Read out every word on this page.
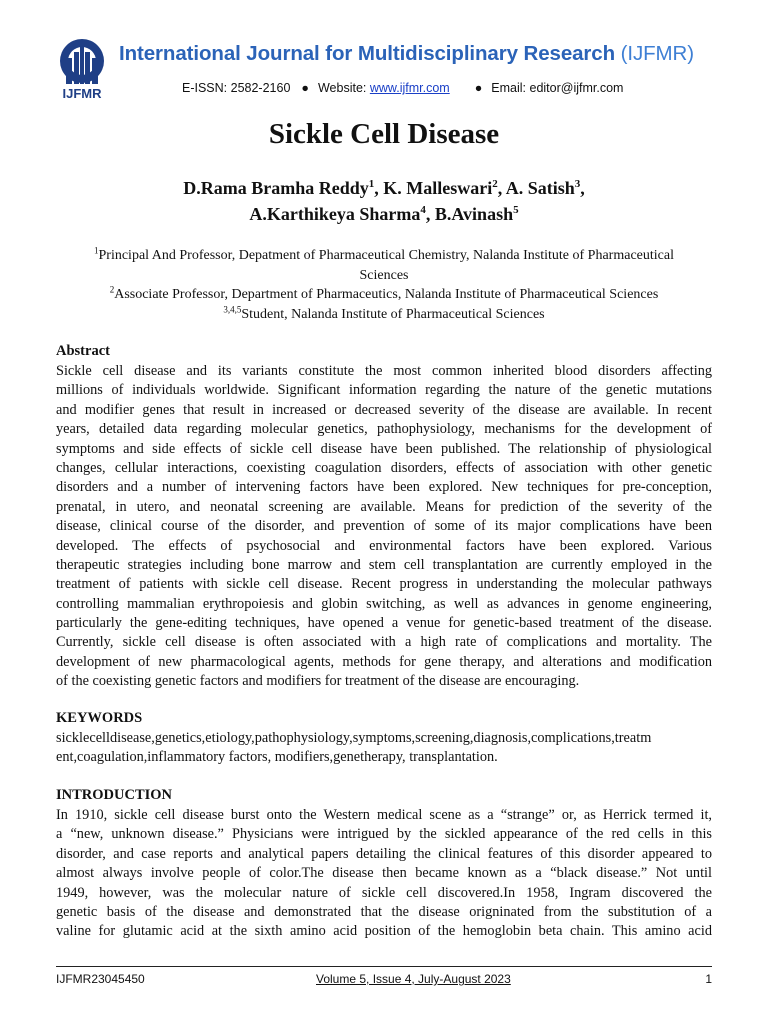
IJFMR
International Journal for Multidisciplinary Research (IJFMR)
E-ISSN: 2582-2160 ● Website: www.ijfmr.com ● Email: editor@ijfmr.com
Sickle Cell Disease
D.Rama Bramha Reddy$^1$, K. Malleswari$^2$, A. Satish$^3$,
A.Karthikeya Sharma$^4$, B.Avinash$^5$
$^1$Principal And Professor, Depatment of Pharmaceutical Chemistry, Nalanda Institute of Pharmaceutical
Sciences
$^2$Associate Professor, Department of Pharmaceutics, Nalanda Institute of Pharmaceutical Sciences
$^{3,4,5}$Student, Nalanda Institute of Pharmaceutical Sciences
Abstract
Sickle cell disease and its variants constitute the most common inherited blood disorders affecting
millions of individuals worldwide. Significant information regarding the nature of the genetic mutations
and modifier genes that result in increased or decreased severity of the disease are available. In recent
years, detailed data regarding molecular genetics, pathophysiology, mechanisms for the development of
symptoms and side effects of sickle cell disease have been published. The relationship of physiological
changes, cellular interactions, coexisting coagulation disorders, effects of association with other genetic
disorders and a number of intervening factors have been explored. New techniques for pre-conception,
prenatal, in utero, and neonatal screening are available. Means for prediction of the severity of the
disease, clinical course of the disorder, and prevention of some of its major complications have been
developed. The effects of psychosocial and environmental factors have been explored. Various
therapeutic strategies including bone marrow and stem cell transplantation are currently employed in the
treatment of patients with sickle cell disease. Recent progress in understanding the molecular pathways
controlling mammalian erythropoiesis and globin switching, as well as advances in genome engineering,
particularly the gene-editing techniques, have opened a venue for genetic-based treatment of the disease.
Currently, sickle cell disease is often associated with a high rate of complications and mortality. The
development of new pharmacological agents, methods for gene therapy, and alterations and modification
of the coexisting genetic factors and modifiers for treatment of the disease are encouraging.
KEYWORDS
sicklecelldisease,genetics,etiology,pathophysiology,symptoms,screening,diagnosis,complications,treatm
ent,coagulation,inflammatory factors, modifiers,genetherapy, transplantation.
INTRODUCTION
In 1910, sickle cell disease burst onto the Western medical scene as a “strange” or, as Herrick termed it,
a “new, unknown disease.” Physicians were intrigued by the sickled appearance of the red cells in this
disorder, and case reports and analytical papers detailing the clinical features of this disorder appeared to
almost always involve people of color.The disease then became known as a “black disease.” Not until
1949, however, was the molecular nature of sickle cell discovered.In 1958, Ingram discovered the
genetic basis of the disease and demonstrated that the disease origninated from the substitution of a
valine for glutamic acid at the sixth amino acid position of the hemoglobin beta chain. This amino acid
IJFMR23045450	Volume 5, Issue 4, July-August 2023	1
